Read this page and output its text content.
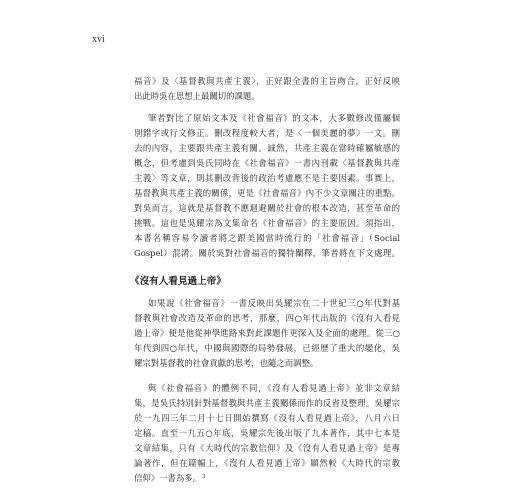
xvi
福音》及〈基督教與共產主義〉，正好跟全書的主旨吻合，正好反映
出此時吳在思想上最關切的課題。
筆者對比了原始文本及《社會福音》的文本，大多數修改僅屬個
別錯字或行文修正。刪改程度較大者，是〈一個美麗的夢〉一文。刪
去的內容，主要跟共產主義有關。誠然，共產主義在當時確屬敏感的
概念，但考慮到吳氏同時在《社會福音》一書內刊載〈基督教與共產
主義〉等文章，則其刪改背後的政治考慮應不是主要因素。事實上，
基督教與共產主義的關係，更是《社會福音》內不少文章關注的重點。
對吳而言，這就是基督教不應迴避關於社會的根本改造，甚至革命的
挑戰。這也是吳耀宗為文集命名《社會福音》的主要原因。須指出，
本書名稱容易令讀者將之跟美國當時流行的「社會福音」（Social
Gospel）混淆。關於吳對社會福音的獨特闡釋，筆者將在下文處理。
《沒有人看見過上帝》
如果說《社會福音》一書反映出吳耀宗在二十世紀三○年代對基
督教與社會改造及革命的思考，那麼，四○年代出版的《沒有人看見
過上帝》便是他從神學進路來對此課題作更深入及全面的處理。從三○
年代到四○年代，中國與國際的局勢發展，已經歷了重大的變化，吳
耀宗對基督教的社會貢獻的思考，也隨之而調整。
與《社會福音》的體例不同，《沒有人看見過上帝》並非文章結
集，是吳氏特別針對基督教與共產主義關係而作的反省及整理。吳耀宗
於一九四三年二月十七日開始撰寫《沒有人看見過上帝》，八月六日
定稿。直至一九五○年底，吳耀宗先後出版了九本著作，其中七本是
文章結集，只有《大時代的宗教信仰》及《沒有人看見過上帝》是專
論著作，但在篇幅上，《沒有人看見過上帝》顯然較《大時代的宗教
信仰》一書為多。$^3$
